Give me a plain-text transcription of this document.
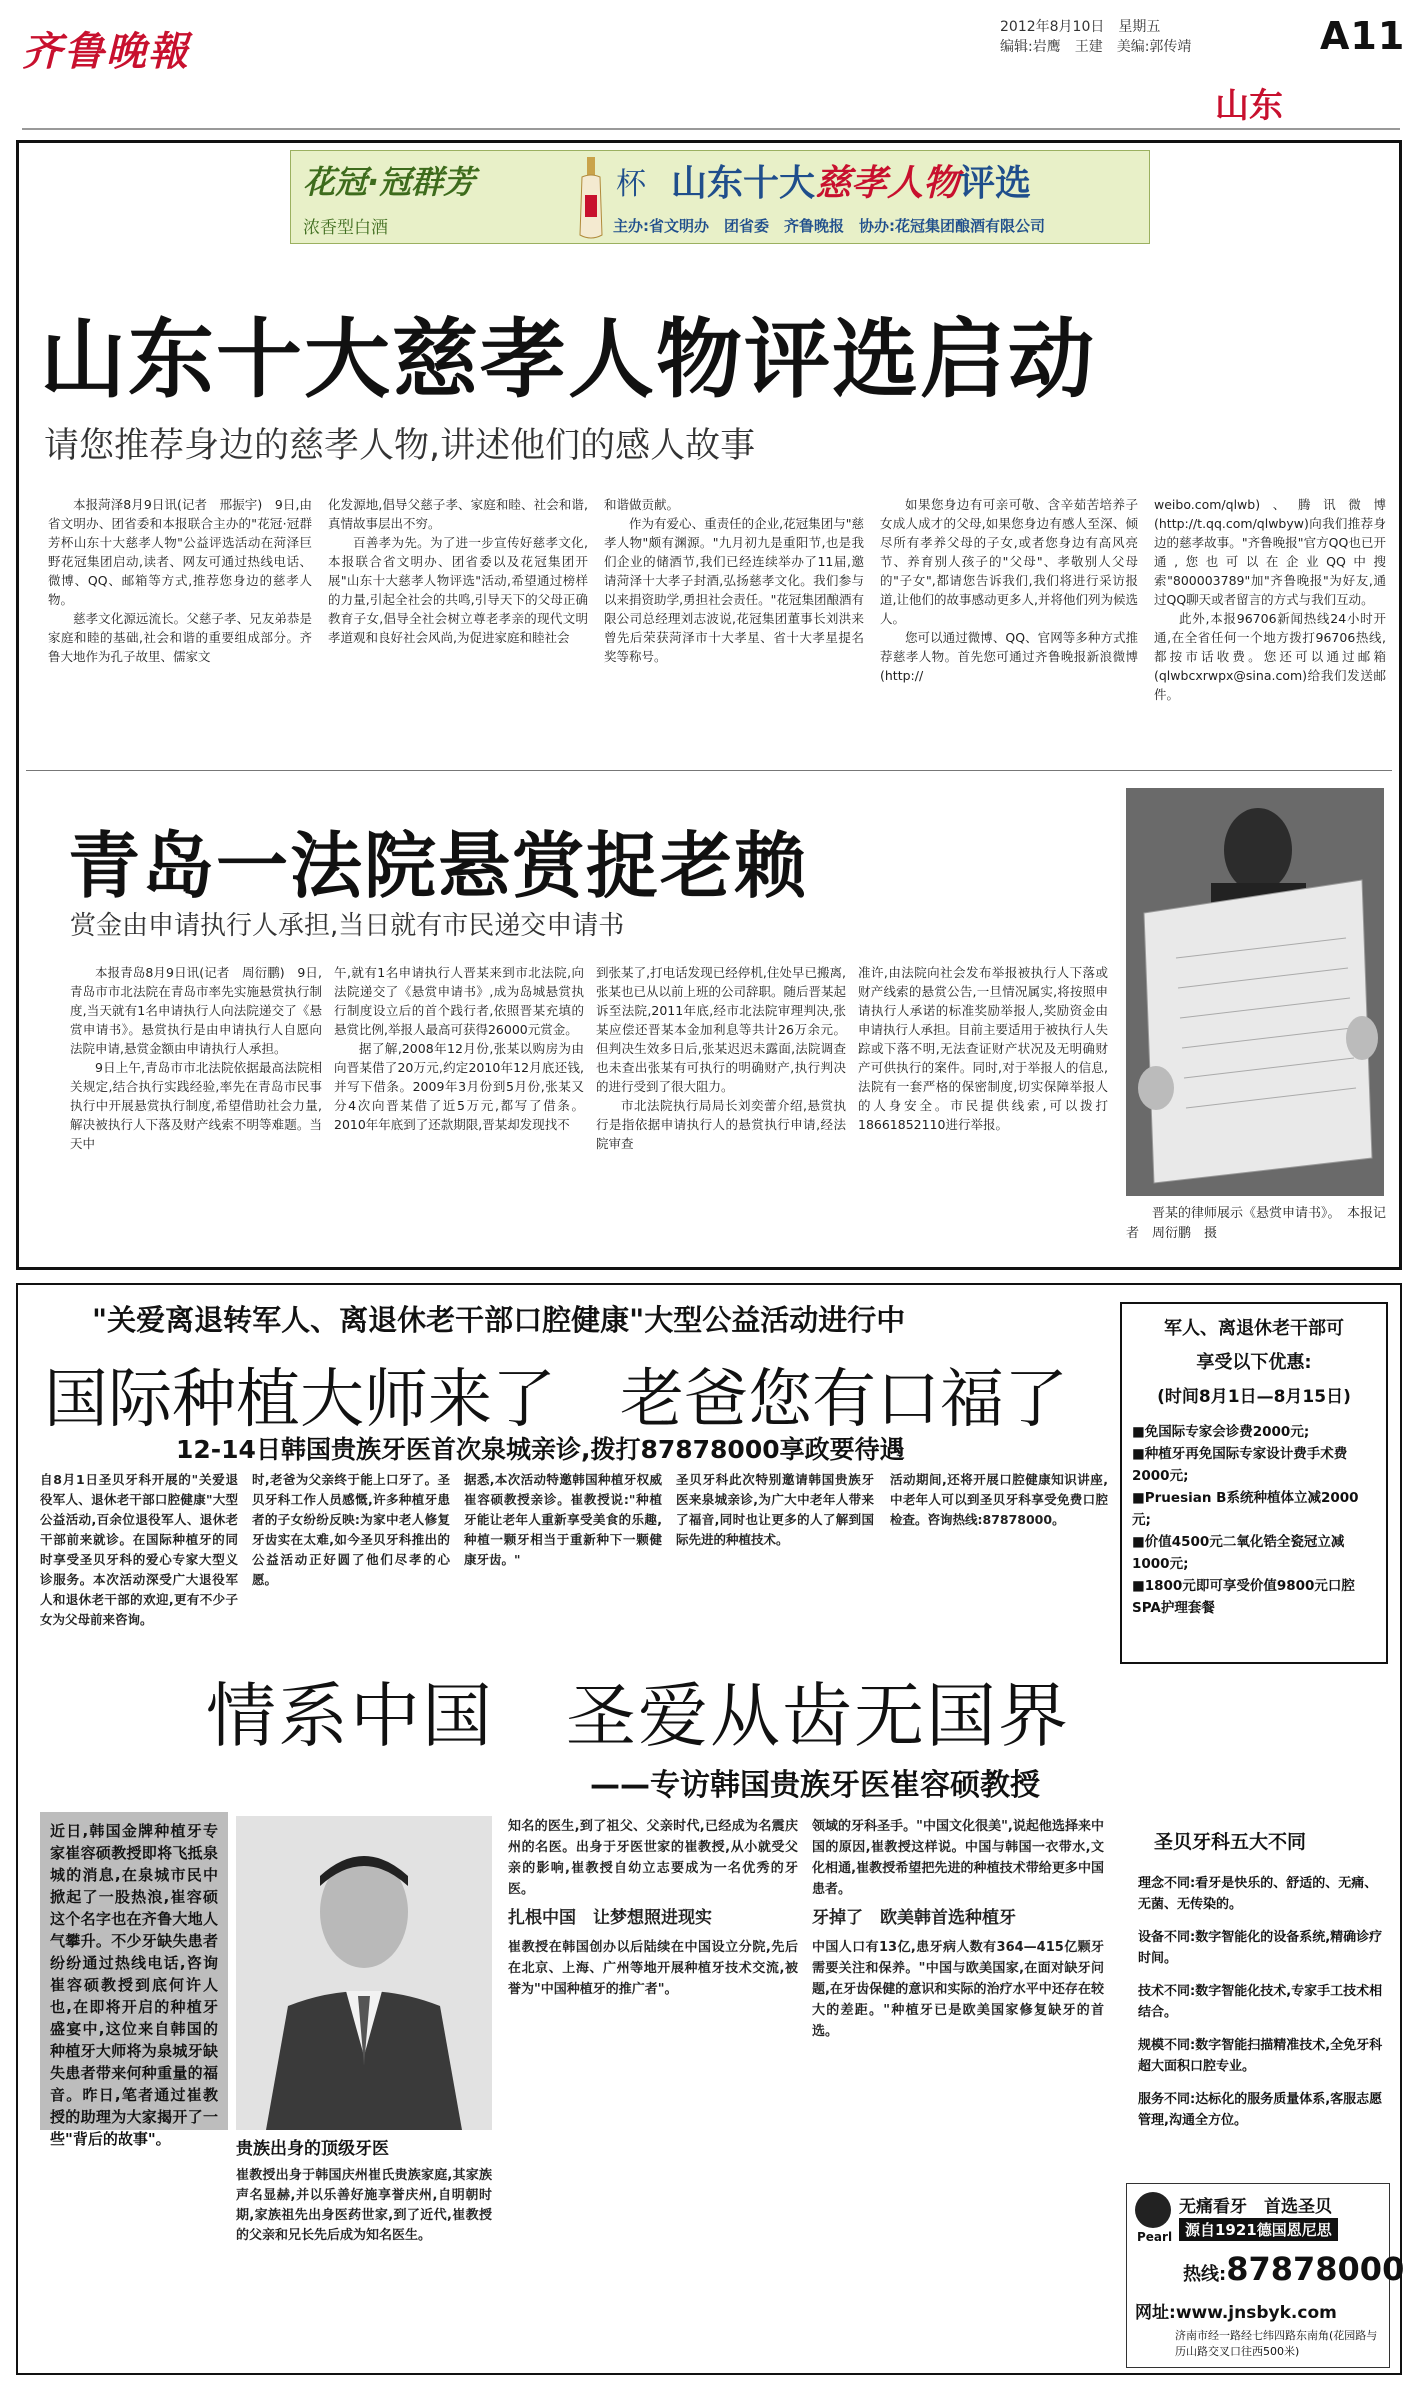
齐鲁晚報
2012年8月10日　星期五
编辑:岩鹰　王建　美编:郭传靖	A11
山东
花冠·冠群芳	杯 山东十大慈孝人物评选
浓香型白酒	主办:省文明办　团省委　齐鲁晚报　协办:花冠集团酿酒有限公司
山东十大慈孝人物评选启动
请您推荐身边的慈孝人物,讲述他们的感人故事

本报菏泽8月9日讯(记者　邢振宇)　9日,由省文明办、团省委和本报联合主办的"花冠·冠群芳杯山东十大慈孝人物"公益评选活动在菏泽巨野花冠集团启动,读者、网友可通过热线电话、微博、QQ、邮箱等方式,推荐您身边的慈孝人物。

慈孝文化源远流长。父慈子孝、兄友弟恭是家庭和睦的基础,社会和谐的重要组成部分。齐鲁大地作为孔子故里、儒家文

化发源地,倡导父慈子孝、家庭和睦、社会和谐,真情故事层出不穷。

百善孝为先。为了进一步宣传好慈孝文化,本报联合省文明办、团省委以及花冠集团开展"山东十大慈孝人物评选"活动,希望通过榜样的力量,引起全社会的共鸣,引导天下的父母正确教育子女,倡导全社会树立尊老孝亲的现代文明孝道观和良好社会风尚,为促进家庭和睦社会

和谐做贡献。

作为有爱心、重责任的企业,花冠集团与"慈孝人物"颇有渊源。"九月初九是重阳节,也是我们企业的储酒节,我们已经连续举办了11届,邀请菏泽十大孝子封酒,弘扬慈孝文化。我们参与以来捐资助学,勇担社会责任。"花冠集团酿酒有限公司总经理刘志波说,花冠集团董事长刘洪来曾先后荣获菏泽市十大孝星、省十大孝星提名奖等称号。

如果您身边有可亲可敬、含辛茹苦培养子女成人成才的父母,如果您身边有感人至深、倾尽所有孝养父母的子女,或者您身边有高风亮节、养育别人孩子的"父母"、孝敬别人父母的"子女",都请您告诉我们,我们将进行采访报道,让他们的故事感动更多人,并将他们列为候选人。

您可以通过微博、QQ、官网等多种方式推荐慈孝人物。首先您可通过齐鲁晚报新浪微博(http://

weibo.com/qlwb)、腾讯微博(http://t.qq.com/qlwbyw)向我们推荐身边的慈孝故事。"齐鲁晚报"官方QQ也已开通,您也可以在企业QQ中搜索"800003789"加"齐鲁晚报"为好友,通过QQ聊天或者留言的方式与我们互动。

此外,本报96706新闻热线24小时开通,在全省任何一个地方拨打96706热线,都按市话收费。您还可以通过邮箱(qlwbcxrwpx@sina.com)给我们发送邮件。

青岛一法院悬赏捉老赖
赏金由申请执行人承担,当日就有市民递交申请书

本报青岛8月9日讯(记者　周衍鹏)　9日,青岛市市北法院在青岛市率先实施悬赏执行制度,当天就有1名申请执行人向法院递交了《悬赏申请书》。悬赏执行是由申请执行人自愿向法院申请,悬赏金额由申请执行人承担。

9日上午,青岛市市北法院依据最高法院相关规定,结合执行实践经验,率先在青岛市民事执行中开展悬赏执行制度,希望借助社会力量,解决被执行人下落及财产线索不明等难题。当天中

午,就有1名申请执行人晋某来到市北法院,向法院递交了《悬赏申请书》,成为岛城悬赏执行制度设立后的首个践行者,依照晋某充填的悬赏比例,举报人最高可获得26000元赏金。

据了解,2008年12月份,张某以购房为由向晋某借了20万元,约定2010年12月底还钱,并写下借条。2009年3月份到5月份,张某又分4次向晋某借了近5万元,都写了借条。2010年年底到了还款期限,晋某却发现找不

到张某了,打电话发现已经停机,住处早已搬离,张某也已从以前上班的公司辞职。随后晋某起诉至法院,2011年底,经市北法院审理判决,张某应偿还晋某本金加利息等共计26万余元。但判决生效多日后,张某迟迟未露面,法院调查也未查出张某有可执行的明确财产,执行判决的进行受到了很大阻力。

市北法院执行局局长刘奕蕾介绍,悬赏执行是指依据申请执行人的悬赏执行申请,经法院审查

准许,由法院向社会发布举报被执行人下落或财产线索的悬赏公告,一旦情况属实,将按照申请执行人承诺的标准奖励举报人,奖励资金由申请执行人承担。目前主要适用于被执行人失踪或下落不明,无法查证财产状况及无明确财产可供执行的案件。同时,对于举报人的信息,法院有一套严格的保密制度,切实保障举报人的人身安全。市民提供线索,可以拨打18661852110进行举报。

晋某的律师展示《悬赏申请书》。　本报记者　周衍鹏　摄
"关爱离退转军人、离退休老干部口腔健康"大型公益活动进行中
国际种植大师来了　老爸您有口福了
12-14日韩国贵族牙医首次泉城亲诊,拨打87878000享政要待遇
军人、离退休老干部可
享受以下优惠:
(时间8月1日—8月15日)
■免国际专家会诊费2000元;
■种植牙再免国际专家设计费手术费2000元;
■Pruesian B系统种植体立减2000元;
■价值4500元二氧化锆全瓷冠立减1000元;
■1800元即可享受价值9800元口腔SPA护理套餐

自8月1日圣贝牙科开展的"关爱退役军人、退休老干部口腔健康"大型公益活动,百余位退役军人、退休老干部前来就诊。在国际种植牙的同时享受圣贝牙科的爱心专家大型义诊服务。本次活动深受广大退役军人和退休老干部的欢迎,更有不少子女为父母前来咨询。

时,老爸为父亲终于能上口牙了。圣贝牙科工作人员感慨,许多种植牙患者的子女纷纷反映:为家中老人修复牙齿实在太难,如今圣贝牙科推出的公益活动正好圆了他们尽孝的心愿。

据悉,本次活动特邀韩国种植牙权威崔容硕教授亲诊。崔教授说:"种植牙能让老年人重新享受美食的乐趣,种植一颗牙相当于重新种下一颗健康牙齿。"

圣贝牙科此次特别邀请韩国贵族牙医来泉城亲诊,为广大中老年人带来了福音,同时也让更多的人了解到国际先进的种植技术。

活动期间,还将开展口腔健康知识讲座,中老年人可以到圣贝牙科享受免费口腔检查。咨询热线:87878000。

情系中国　圣爱从齿无国界
——专访韩国贵族牙医崔容硕教授
近日,韩国金牌种植牙专家崔容硕教授即将飞抵泉城的消息,在泉城市民中掀起了一股热浪,崔容硕这个名字也在齐鲁大地人气攀升。不少牙缺失患者纷纷通过热线电话,咨询崔容硕教授到底何许人也,在即将开启的种植牙盛宴中,这位来自韩国的种植牙大师将为泉城牙缺失患者带来何种重量的福音。昨日,笔者通过崔教授的助理为大家揭开了一些"背后的故事"。	贵族出身的顶级牙医

崔教授出身于韩国庆州崔氏贵族家庭,其家族声名显赫,并以乐善好施享誉庆州,自明朝时期,家族祖先出身医药世家,到了近代,崔教授的父亲和兄长先后成为知名医生。

知名的医生,到了祖父、父亲时代,已经成为名震庆州的名医。出身于牙医世家的崔教授,从小就受父亲的影响,崔教授自幼立志要成为一名优秀的牙医。

扎根中国　让梦想照进现实

崔教授在韩国创办以后陆续在中国设立分院,先后在北京、上海、广州等地开展种植牙技术交流,被誉为"中国种植牙的推广者"。

领域的牙科圣手。"中国文化很美",说起他选择来中国的原因,崔教授这样说。中国与韩国一衣带水,文化相通,崔教授希望把先进的种植技术带给更多中国患者。

牙掉了　欧美韩首选种植牙

中国人口有13亿,患牙病人数有364—415亿颗牙需要关注和保养。"中国与欧美国家,在面对缺牙问题,在牙齿保健的意识和实际的治疗水平中还存在较大的差距。"种植牙已是欧美国家修复缺牙的首选。

圣贝牙科五大不同
理念不同:看牙是快乐的、舒适的、无痛、无菌、无传染的。
设备不同:数字智能化的设备系统,精确诊疗时间。
技术不同:数字智能化技术,专家手工技术相结合。
规模不同:数字智能扫描精准技术,全免牙科超大面积口腔专业。
服务不同:达标化的服务质量体系,客服志愿管理,沟通全方位。
Pearl
无痛看牙　首选圣贝
源自1921德国恩尼思
热线:87878000
网址:www.jnsbyk.com
济南市经一路经七纬四路东南角(花园路与历山路交叉口往西500米)
